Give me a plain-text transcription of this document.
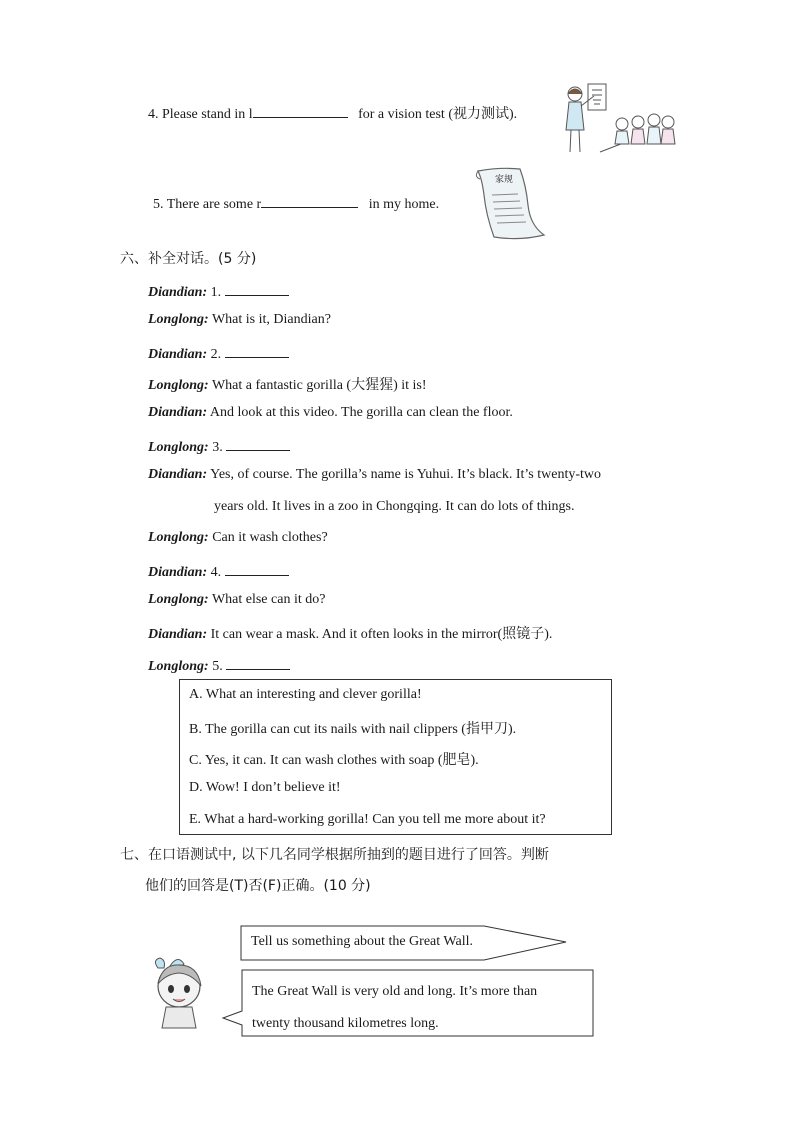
4. Please stand in l	for a vision test (视力测试).
5. There are some r	in my home.
家规
六、补全对话。(5 分)
Diandian: 1.
Longlong: What is it, Diandian?
Diandian: 2.
Longlong: What a fantastic gorilla (大猩猩) it is!
Diandian: And look at this video. The gorilla can clean the floor.
Longlong: 3.
Diandian: Yes, of course. The gorilla’s name is Yuhui. It’s black. It’s twenty-two
years old. It lives in a zoo in Chongqing. It can do lots of things.
Longlong: Can it wash clothes?
Diandian: 4.
Longlong: What else can it do?
Diandian: It can wear a mask. And it often looks in the mirror(照镜子).
Longlong: 5.
A. What an interesting and clever gorilla!
B. The gorilla can cut its nails with nail clippers (指甲刀).
C. Yes, it can. It can wash clothes with soap (肥皂).
D. Wow! I don’t believe it!
E. What a hard-working gorilla! Can you tell me more about it?
七、在口语测试中, 以下几名同学根据所抽到的题目进行了回答。判断
他们的回答是(T)否(F)正确。(10 分)
Tell us something about the Great Wall.
The Great Wall is very old and long. It’s more than
twenty thousand kilometres long.
